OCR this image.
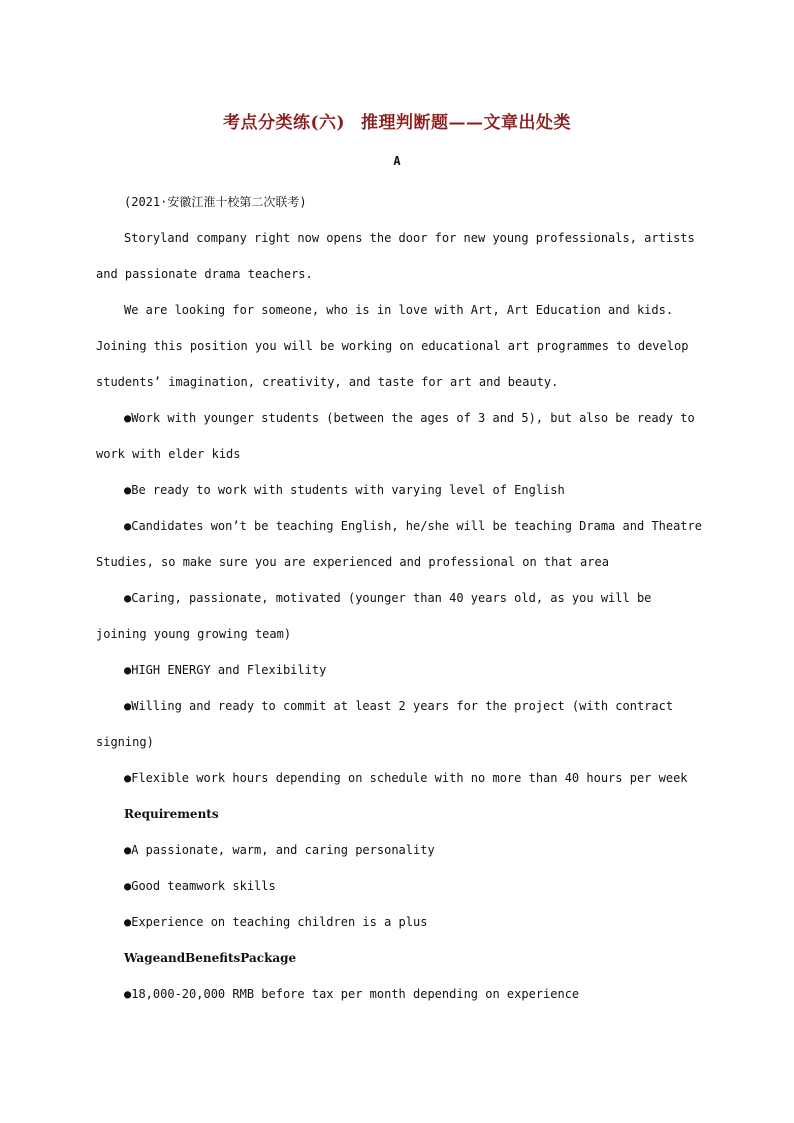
考点分类练(六) 推理判断题——文章出处类
A

(2021·安徽江淮十校第二次联考)

Storyland company right now opens the door for new young professionals, artists and passionate drama teachers.

We are looking for someone, who is in love with Art, Art Education and kids. Joining this position you will be working on educational art programmes to develop students’ imagination, creativity, and taste for art and beauty.

●Work with younger students (between the ages of 3 and 5), but also be ready to work with elder kids

●Be ready to work with students with varying level of English

●Candidates won’t be teaching English, he/she will be teaching Drama and Theatre Studies, so make sure you are experienced and professional on that area

●Caring, passionate, motivated (younger than 40 years old, as you will be joining young growing team)

●HIGH ENERGY and Flexibility

●Willing and ready to commit at least 2 years for the project (with contract signing)

●Flexible work hours depending on schedule with no more than 40 hours per week

Requirements

●A passionate, warm, and caring personality

●Good teamwork skills

●Experience on teaching children is a plus

WageandBenefitsPackage

●18,000-20,000 RMB before tax per month depending on experience
